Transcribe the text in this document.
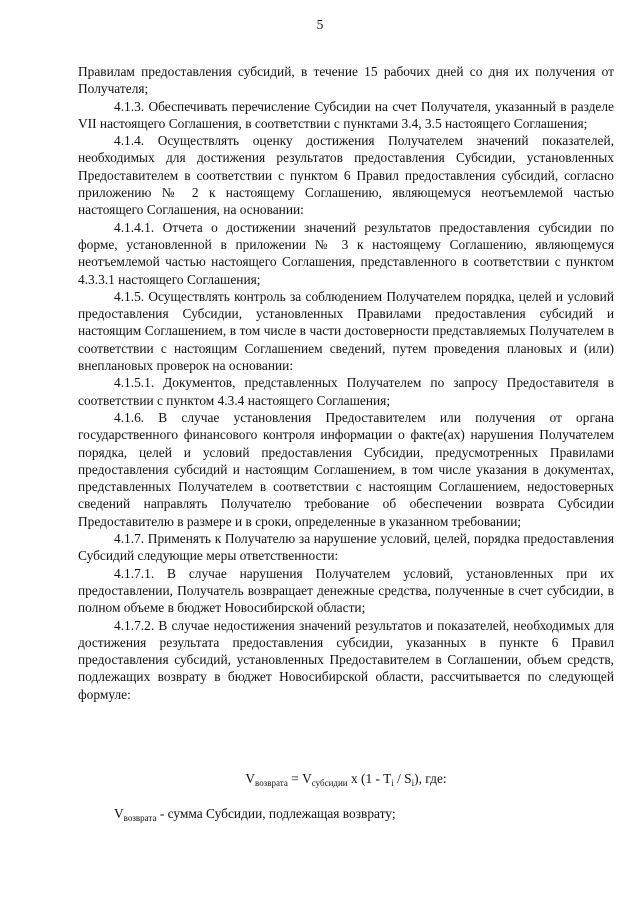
5

Правилам предоставления субсидий, в течение 15 рабочих дней со дня их получения от Получателя;

4.1.3. Обеспечивать перечисление Субсидии на счет Получателя, указанный в разделе VII настоящего Соглашения, в соответствии с пунктами 3.4, 3.5 настоящего Соглашения;

4.1.4. Осуществлять оценку достижения Получателем значений показателей, необходимых для достижения результатов предоставления Субсидии, установленных Предоставителем в соответствии с пунктом 6 Правил предоставления субсидий, согласно приложению № 2 к настоящему Соглашению, являющемуся неотъемлемой частью настоящего Соглашения, на основании:

4.1.4.1. Отчета о достижении значений результатов предоставления субсидии по форме, установленной в приложении № 3 к настоящему Соглашению, являющемуся неотъемлемой частью настоящего Соглашения, представленного в соответствии с пунктом 4.3.3.1 настоящего Соглашения;

4.1.5. Осуществлять контроль за соблюдением Получателем порядка, целей и условий предоставления Субсидии, установленных Правилами предоставления субсидий и настоящим Соглашением, в том числе в части достоверности представляемых Получателем в соответствии с настоящим Соглашением сведений, путем проведения плановых и (или) внеплановых проверок на основании:

4.1.5.1. Документов, представленных Получателем по запросу Предоставителя в соответствии с пунктом 4.3.4 настоящего Соглашения;

4.1.6. В случае установления Предоставителем или получения от органа государственного финансового контроля информации о факте(ах) нарушения Получателем порядка, целей и условий предоставления Субсидии, предусмотренных Правилами предоставления субсидий и настоящим Соглашением, в том числе указания в документах, представленных Получателем в соответствии с настоящим Соглашением, недостоверных сведений направлять Получателю требование об обеспечении возврата Субсидии Предоставителю в размере и в сроки, определенные в указанном требовании;

4.1.7. Применять к Получателю за нарушение условий, целей, порядка предоставления Субсидий следующие меры ответственности:

4.1.7.1. В случае нарушения Получателем условий, установленных при их предоставлении, Получатель возвращает денежные средства, полученные в счет субсидии, в полном объеме в бюджет Новосибирской области;

4.1.7.2. В случае недостижения значений результатов и показателей, необходимых для достижения результата предоставления субсидии, указанных в пункте 6 Правил предоставления субсидий, установленных Предоставителем в Соглашении, объем средств, подлежащих возврату в бюджет Новосибирской области, рассчитывается по следующей формуле:

$V_{возврата} = V_{субсидии}$ x $(1 - T_i / S_i)$, где:
$V_{возврата}$ - сумма Субсидии, подлежащая возврату;
